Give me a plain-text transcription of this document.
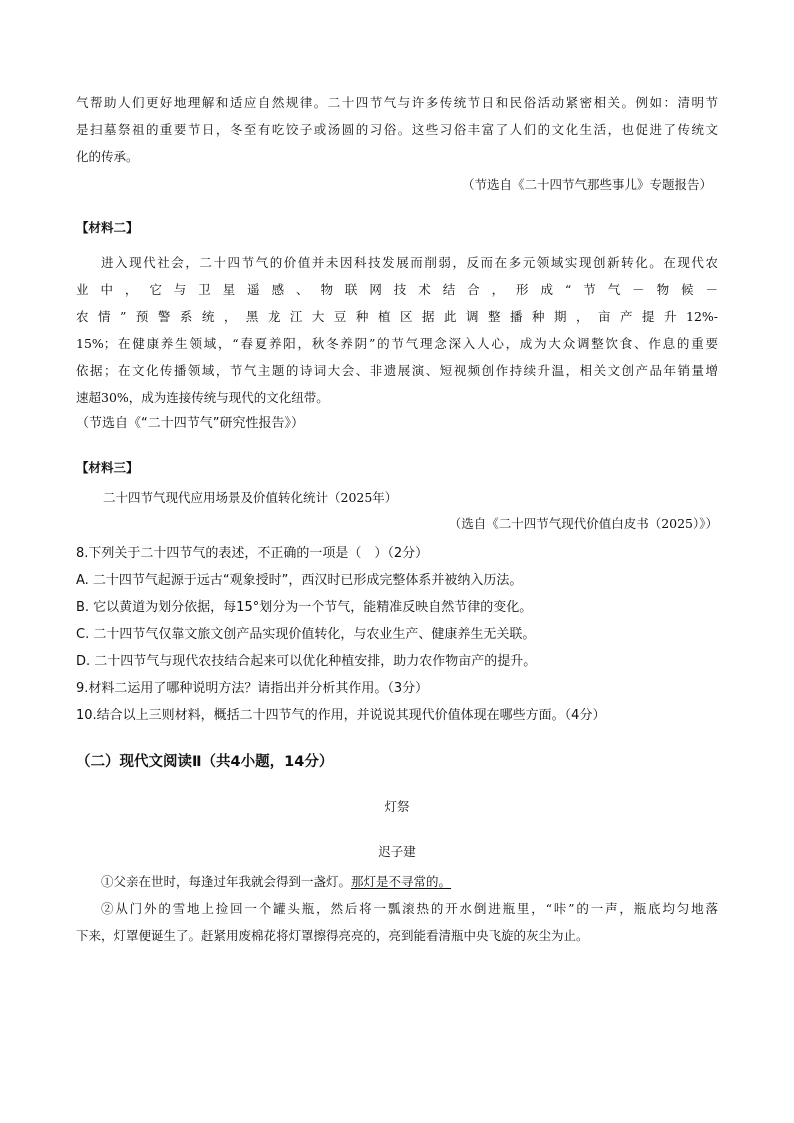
气帮助人们更好地理解和适应自然规律。二十四节气与许多传统节日和民俗活动紧密相关。例如：清明节

是扫墓祭祖的重要节日，冬至有吃饺子或汤圆的习俗。这些习俗丰富了人们的文化生活，也促进了传统文

化的传承。

（节选自《二十四节气那些事儿》专题报告）

【材料二】

进入现代社会，二十四节气的价值并未因科技发展而削弱，反而在多元领域实现创新转化。在现代农

业中，它与卫星遥感、物联网技术结合，形成“节气－物候－

农情”预警系统，黑龙江大豆种植区据此调整播种期，亩产提升12%-

15%；在健康养生领域，“春夏养阳，秋冬养阴”的节气理念深入人心，成为大众调整饮食、作息的重要

依据；在文化传播领域，节气主题的诗词大会、非遗展演、短视频创作持续升温，相关文创产品年销量增

速超30%，成为连接传统与现代的文化纽带。

（节选自《“二十四节气”研究性报告》）

【材料三】

二十四节气现代应用场景及价值转化统计（2025年）

（选自《二十四节气现代价值白皮书（2025）》）

8.下列关于二十四节气的表述，不正确的一项是（　）（2分）

A. 二十四节气起源于远古“观象授时”，西汉时已形成完整体系并被纳入历法。

B. 它以黄道为划分依据，每15°划分为一个节气，能精准反映自然节律的变化。

C. 二十四节气仅靠文旅文创产品实现价值转化，与农业生产、健康养生无关联。

D. 二十四节气与现代农技结合起来可以优化种植安排，助力农作物亩产的提升。

9.材料二运用了哪种说明方法？请指出并分析其作用。（3分）

10.结合以上三则材料，概括二十四节气的作用，并说说其现代价值体现在哪些方面。（4分）

（二）现代文阅读Ⅱ（共4小题，14分）
灯祭
迟子建

①父亲在世时，每逢过年我就会得到一盏灯。那灯是不寻常的。

②从门外的雪地上捡回一个罐头瓶，然后将一瓢滚热的开水倒进瓶里，“咔”的一声，瓶底均匀地落

下来，灯罩便诞生了。赶紧用废棉花将灯罩擦得亮亮的，亮到能看清瓶中央飞旋的灰尘为止。
